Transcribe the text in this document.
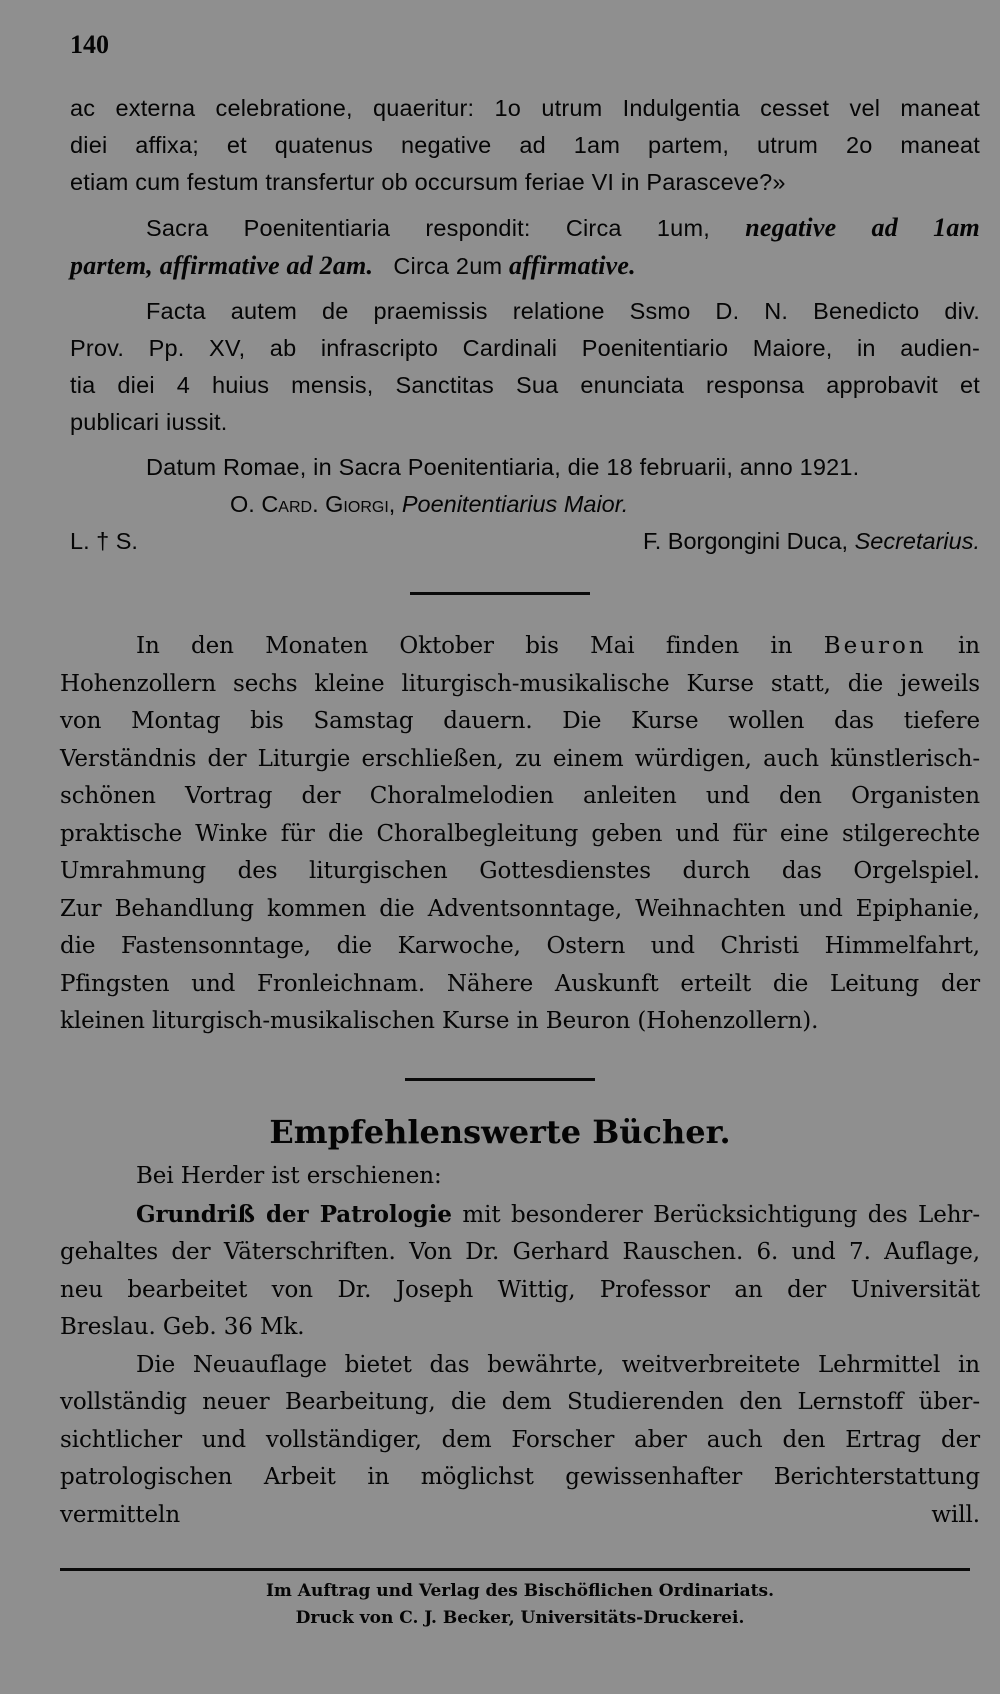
140

ac externa celebratione, quaeritur: 1o utrum Indulgentia cesset vel maneat

diei affixa; et quatenus negative ad 1am partem, utrum 2o maneat

etiam cum festum transfertur ob occursum feriae VI in Parasceve?»

Sacra Poenitentiaria respondit: Circa 1um, negative ad 1am

partem, affirmative ad 2am. Circa 2um affirmative.

Facta autem de praemissis relatione Ssmo D. N. Benedicto div.

Prov. Pp. XV, ab infrascripto Cardinali Poenitentiario Maiore, in audien-

tia diei 4 huius mensis, Sanctitas Sua enunciata responsa approbavit et

publicari iussit.

Datum Romae, in Sacra Poenitentiaria, die 18 februarii, anno 1921.

O. Card. Giorgi, Poenitentiarius Maior.

L. † S.	F. Borgongini Duca, Secretarius.

In den Monaten Oktober bis Mai finden in Beuron in

Hohenzollern sechs kleine liturgisch-musikalische Kurse statt, die jeweils

von Montag bis Samstag dauern. Die Kurse wollen das tiefere

Verständnis der Liturgie erschließen, zu einem würdigen, auch künstlerisch-

schönen Vortrag der Choralmelodien anleiten und den Organisten

praktische Winke für die Choralbegleitung geben und für eine stilgerechte

Umrahmung des liturgischen Gottesdienstes durch das Orgelspiel.

Zur Behandlung kommen die Adventsonntage, Weihnachten und Epiphanie,

die Fastensonntage, die Karwoche, Ostern und Christi Himmelfahrt,

Pfingsten und Fronleichnam. Nähere Auskunft erteilt die Leitung der

kleinen liturgisch-musikalischen Kurse in Beuron (Hohenzollern).

Empfehlenswerte Bücher.

Bei Herder ist erschienen:

Grundriß der Patrologie mit besonderer Berücksichtigung des Lehr-

gehaltes der Väterschriften. Von Dr. Gerhard Rauschen. 6. und 7. Auflage,

neu bearbeitet von Dr. Joseph Wittig, Professor an der Universität

Breslau. Geb. 36 Mk.

Die Neuauflage bietet das bewährte, weitverbreitete Lehrmittel in

vollständig neuer Bearbeitung, die dem Studierenden den Lernstoff über-

sichtlicher und vollständiger, dem Forscher aber auch den Ertrag der

patrologischen Arbeit in möglichst gewissenhafter Berichterstattung vermitteln will.

Im Auftrag und Verlag des Bischöflichen Ordinariats.
Druck von C. J. Becker, Universitäts-Druckerei.
